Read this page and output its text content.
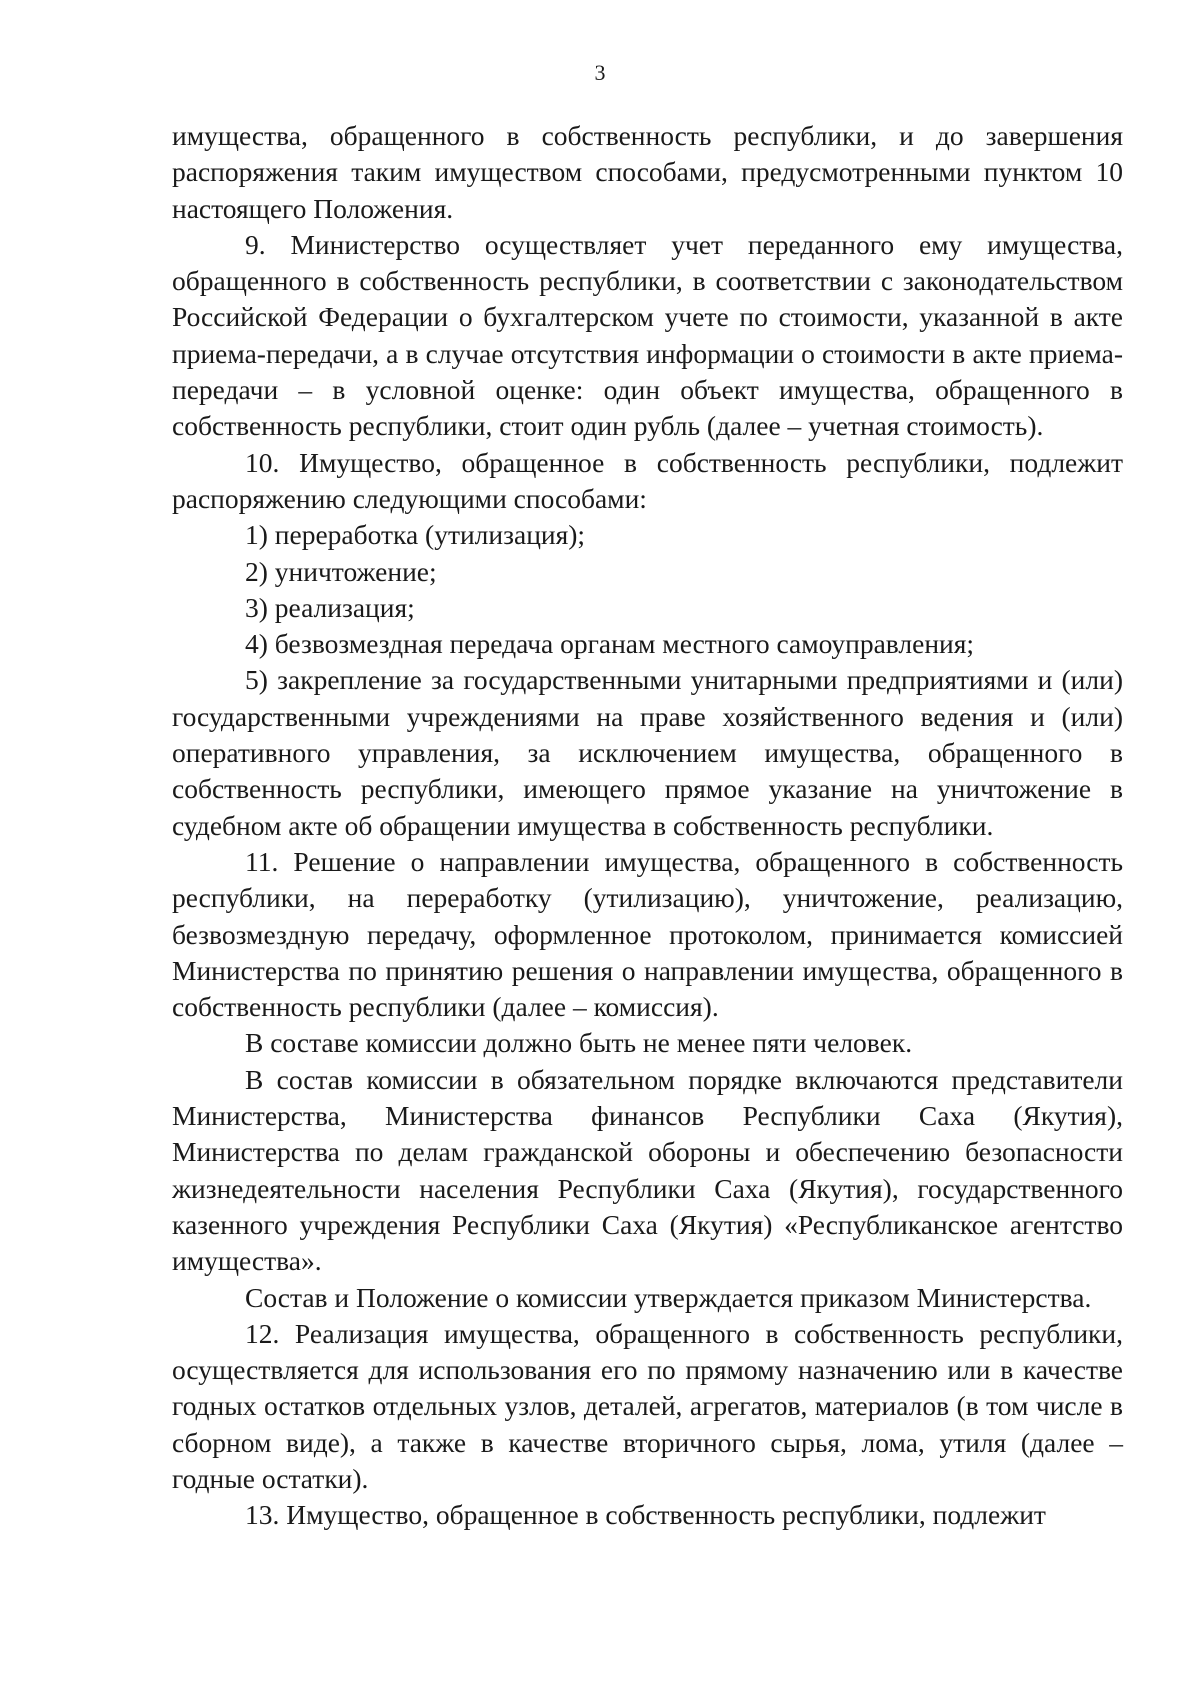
3

имущества, обращенного в собственность республики, и до завершения распоряжения таким имуществом способами, предусмотренными пунктом 10 настоящего Положения.

9. Министерство осуществляет учет переданного ему имущества, обращенного в собственность республики, в соответствии с законодательством Российской Федерации о бухгалтерском учете по стоимости, указанной в акте приема-передачи, а в случае отсутствия информации о стоимости в акте приема-передачи – в условной оценке: один объект имущества, обращенного в собственность республики, стоит один рубль (далее – учетная стоимость).

10. Имущество, обращенное в собственность республики, подлежит распоряжению следующими способами:

1) переработка (утилизация);

2) уничтожение;

3) реализация;

4) безвозмездная передача органам местного самоуправления;

5) закрепление за государственными унитарными предприятиями и (или) государственными учреждениями на праве хозяйственного ведения и (или) оперативного управления, за исключением имущества, обращенного в собственность республики, имеющего прямое указание на уничтожение в судебном акте об обращении имущества в собственность республики.

11. Решение о направлении имущества, обращенного в собственность республики, на переработку (утилизацию), уничтожение, реализацию, безвозмездную передачу, оформленное протоколом, принимается комиссией Министерства по принятию решения о направлении имущества, обращенного в собственность республики (далее – комиссия).

В составе комиссии должно быть не менее пяти человек.

В состав комиссии в обязательном порядке включаются представители Министерства, Министерства финансов Республики Саха (Якутия), Министерства по делам гражданской обороны и обеспечению безопасности жизнедеятельности населения Республики Саха (Якутия), государственного казенного учреждения Республики Саха (Якутия) «Республиканское агентство имущества».

Состав и Положение о комиссии утверждается приказом Министерства.

12. Реализация имущества, обращенного в собственность республики, осуществляется для использования его по прямому назначению или в качестве годных остатков отдельных узлов, деталей, агрегатов, материалов (в том числе в сборном виде), а также в качестве вторичного сырья, лома, утиля (далее – годные остатки).

13. Имущество, обращенное в собственность республики, подлежит
